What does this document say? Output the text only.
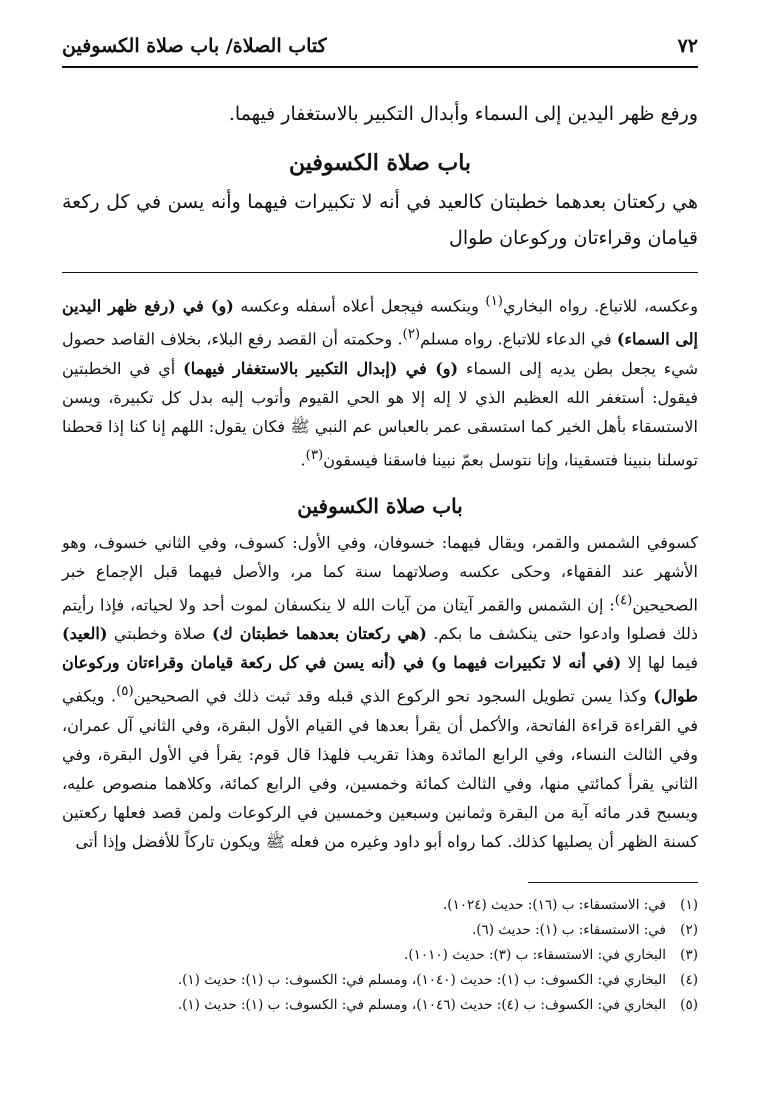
٧٢
كتاب الصلاة/ باب صلاة الكسوفين

ورفع ظهر اليدين إلى السماء وأبدال التكبير بالاستغفار فيهما.

باب صلاة الكسوفين

هي ركعتان بعدهما خطبتان كالعيد في أنه لا تكبيرات فيهما وأنه يسن في كل ركعة قيامان وقراءتان وركوعان طوال

وعكسه، للاتباع. رواه البخاري$^{(١)}$ وينكسه فيجعل أعلاه أسفله وعكسه (و) في (رفع ظهر اليدين إلى السماء) في الدعاء للاتباع. رواه مسلم$^{(٢)}$. وحكمته أن القصد رفع البلاء، بخلاف القاصد حصول شيء يجعل بطن يديه إلى السماء (و) في (إبدال التكبير بالاستغفار فيهما) أي في الخطبتين فيقول: أستغفر الله العظيم الذي لا إله إلا هو الحي القيوم وأتوب إليه بدل كل تكبيرة، ويسن الاستسقاء بأهل الخير كما استسقى عمر بالعباس عم النبي ﷺ فكان يقول: اللهم إنا كنا إذا قحطنا توسلنا بنبينا فتسقينا، وإنا نتوسل بعمّ نبينا فاسقنا فيسقون$^{(٣)}$.

باب صلاة الكسوفين

كسوفي الشمس والقمر، ويقال فيهما: خسوفان، وفي الأول: كسوف، وفي الثاني خسوف، وهو الأشهر عند الفقهاء، وحكى عكسه وصلاتهما سنة كما مر، والأصل فيهما قبل الإجماع خبر الصحيحين$^{(٤)}$: إن الشمس والقمر آيتان من آيات الله لا ينكسفان لموت أحد ولا لحياته، فإذا رأيتم ذلك فصلوا وادعوا حتى ينكشف ما بكم. (هي ركعتان بعدهما خطبتان ك) صلاة وخطبتي (العيد) فيما لها إلا (في أنه لا تكبيرات فيهما و) في (أنه يسن في كل ركعة قيامان وقراءتان وركوعان طوال) وكذا يسن تطويل السجود نحو الركوع الذي قبله وقد ثبت ذلك في الصحيحين$^{(٥)}$. ويكفي في القراءة قراءة الفاتحة، والأكمل أن يقرأ بعدها في القيام الأول البقرة، وفي الثاني آل عمران، وفي الثالث النساء، وفي الرابع المائدة وهذا تقريب فلهذا قال قوم: يقرأ في الأول البقرة، وفي الثاني يقرأ كمائتي منها، وفي الثالث كمائة وخمسين، وفي الرابع كمائة، وكلاهما منصوص عليه، ويسبح قدر مائه آية من البقرة وثمانين وسبعين وخمسين في الركوعات ولمن قصد فعلها ركعتين كسنة الظهر أن يصليها كذلك. كما رواه أبو داود وغيره من فعله ﷺ ويكون تاركاً للأفضل وإذا أتى

(١)
في: الاستسقاء: ب (١٦): حديث (١٠٢٤).
(٢)
في: الاستسقاء: ب (١): حديث (٦).
(٣)
البخاري في: الاستسقاء: ب (٣): حديث (١٠١٠).
(٤)
البخاري في: الكسوف: ب (١): حديث (١٠٤٠)، ومسلم في: الكسوف: ب (١): حديث (١).
(٥)
البخاري في: الكسوف: ب (٤): حديث (١٠٤٦)، ومسلم في: الكسوف: ب (١): حديث (١).
